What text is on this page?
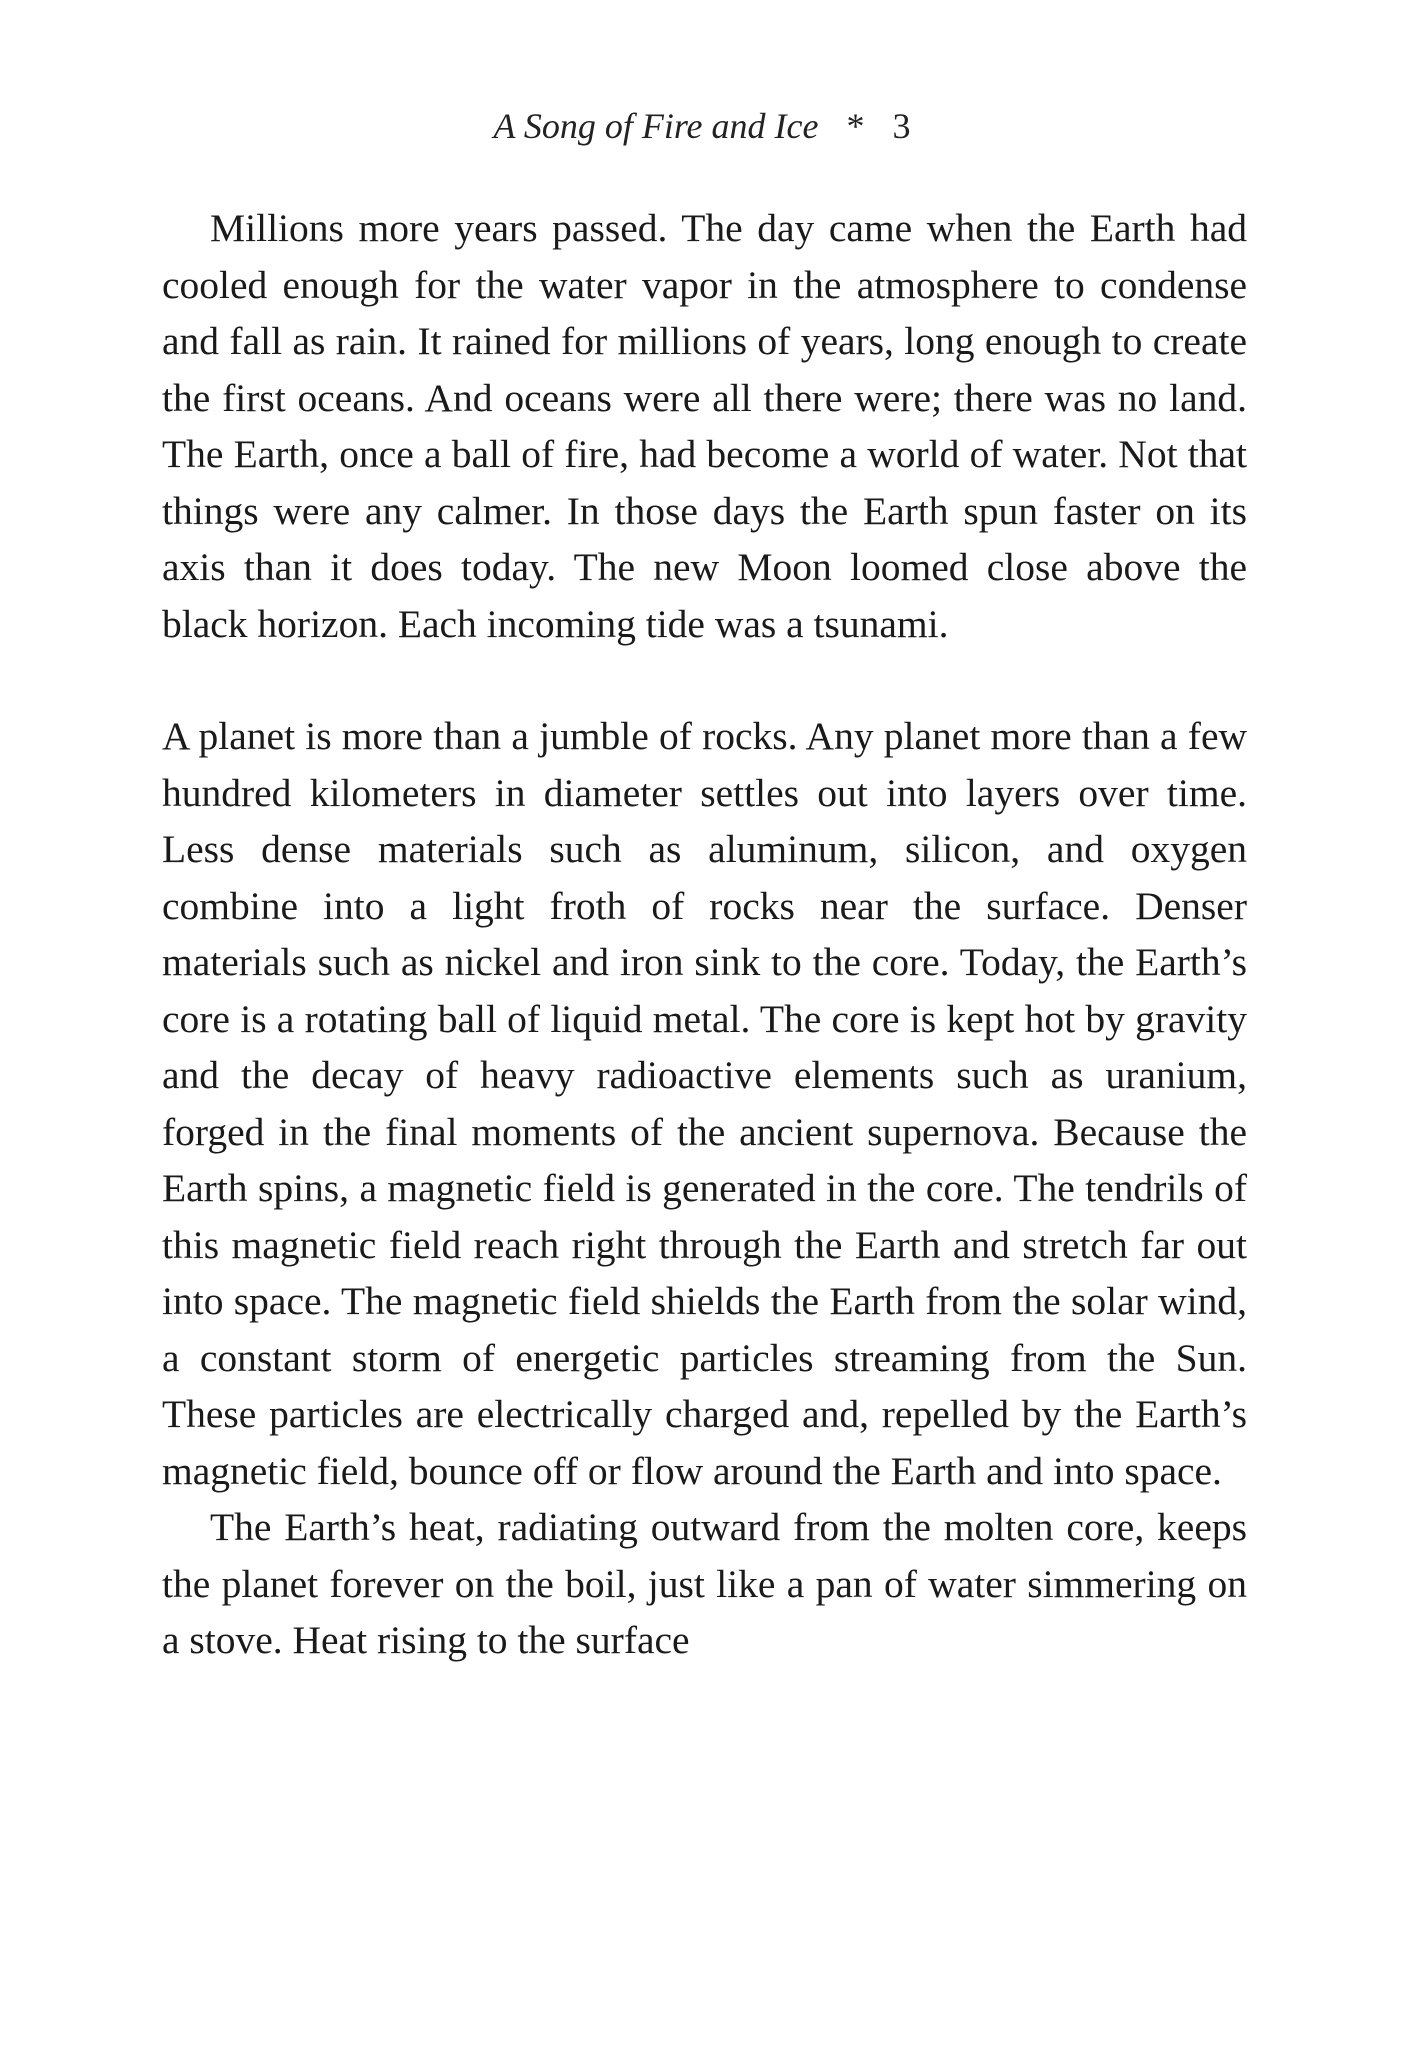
A Song of Fire and Ice * 3

Millions more years passed. The day came when the Earth had cooled enough for the water vapor in the atmosphere to condense and fall as rain. It rained for millions of years, long enough to create the first oceans. And oceans were all there were; there was no land. The Earth, once a ball of fire, had become a world of water. Not that things were any calmer. In those days the Earth spun faster on its axis than it does today. The new Moon loomed close above the black horizon. Each incoming tide was a tsunami.

A planet is more than a jumble of rocks. Any planet more than a few hundred kilometers in diameter settles out into layers over time. Less dense materials such as aluminum, silicon, and oxygen combine into a light froth of rocks near the surface. Denser materials such as nickel and iron sink to the core. Today, the Earth’s core is a rotating ball of liquid metal. The core is kept hot by gravity and the decay of heavy radioactive elements such as uranium, forged in the final moments of the ancient supernova. Because the Earth spins, a magnetic field is generated in the core. The tendrils of this magnetic field reach right through the Earth and stretch far out into space. The magnetic field shields the Earth from the solar wind, a constant storm of energetic particles streaming from the Sun. These particles are electrically charged and, repelled by the Earth’s magnetic field, bounce off or flow around the Earth and into space.

The Earth’s heat, radiating outward from the molten core, keeps the planet forever on the boil, just like a pan of water simmering on a stove. Heat rising to the surface
